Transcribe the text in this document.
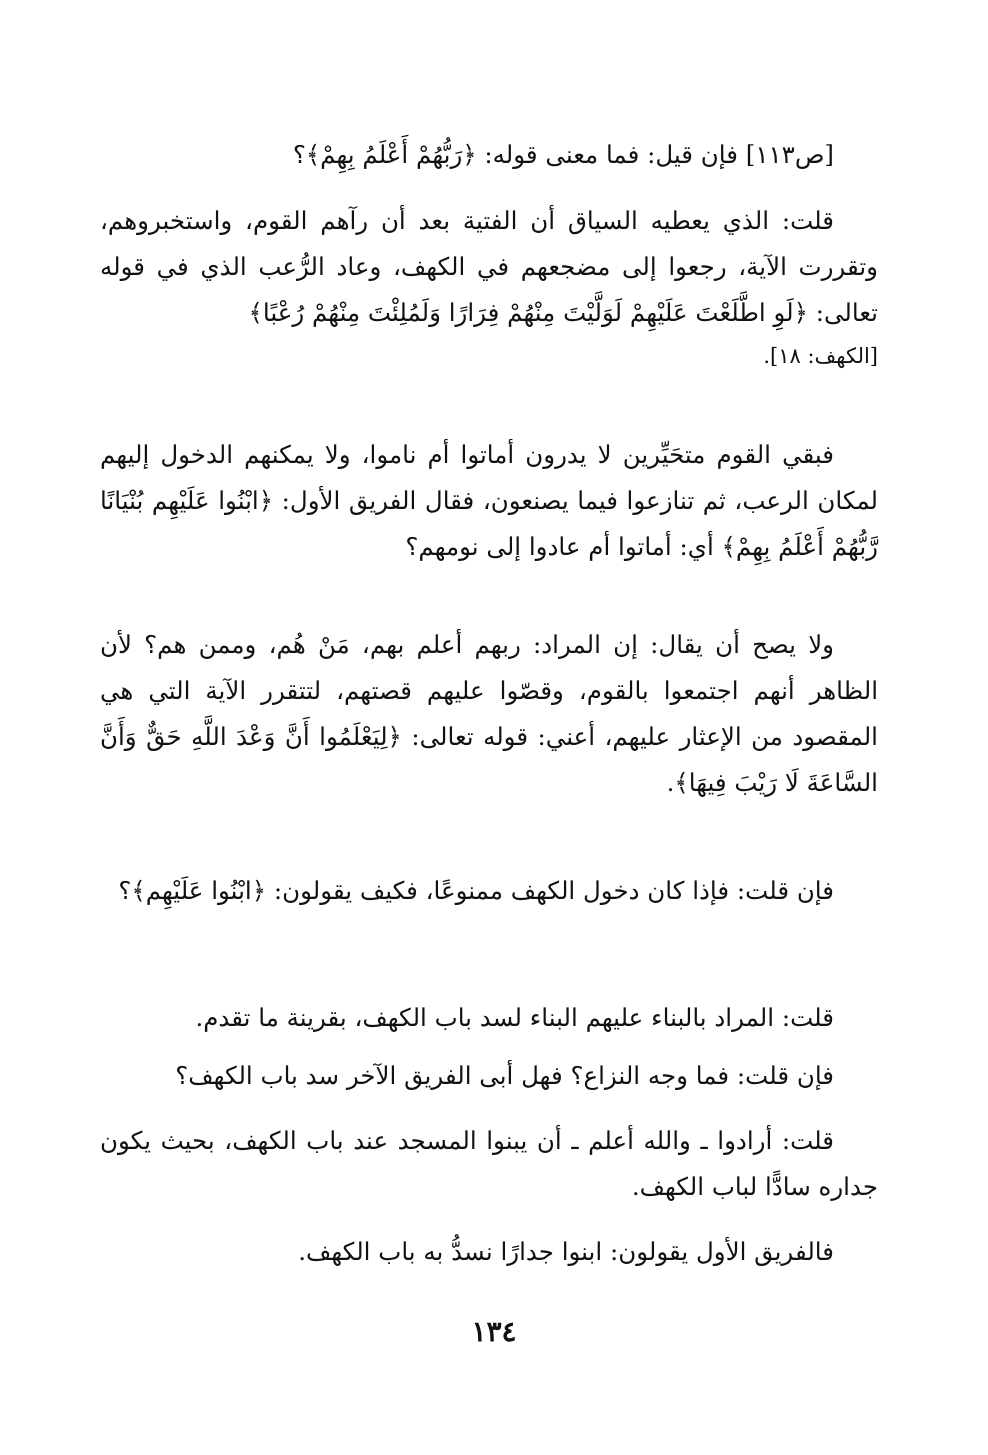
[ص١١٣] فإن قيل: فما معنى قوله: ﴿رَبُّهُمْ أَعْلَمُ بِهِمْ﴾؟

قلت: الذي يعطيه السياق أن الفتية بعد أن رآهم القوم، واستخبروهم، وتقررت الآية، رجعوا إلى مضجعهم في الكهف، وعاد الرُّعب الذي في قوله تعالى: ﴿لَوِ اطَّلَعْتَ عَلَيْهِمْ لَوَلَّيْتَ مِنْهُمْ فِرَارًا وَلَمُلِئْتَ مِنْهُمْ رُعْبًا﴾

[الكهف: ١٨].

فبقي القوم متحَيِّرين لا يدرون أماتوا أم ناموا، ولا يمكنهم الدخول إليهم لمكان الرعب، ثم تنازعوا فيما يصنعون، فقال الفريق الأول: ﴿ابْنُوا عَلَيْهِم بُنْيَانًا رَّبُّهُمْ أَعْلَمُ بِهِمْ﴾ أي: أماتوا أم عادوا إلى نومهم؟

ولا يصح أن يقال: إن المراد: ربهم أعلم بهم، مَنْ هُم، وممن هم؟ لأن الظاهر أنهم اجتمعوا بالقوم، وقصّوا عليهم قصتهم، لتتقرر الآية التي هي المقصود من الإعثار عليهم، أعني: قوله تعالى: ﴿لِيَعْلَمُوا أَنَّ وَعْدَ اللَّهِ حَقٌّ وَأَنَّ السَّاعَةَ لَا رَيْبَ فِيهَا﴾.

فإن قلت: فإذا كان دخول الكهف ممنوعًا، فكيف يقولون: ﴿ابْنُوا عَلَيْهِم﴾؟

قلت: المراد بالبناء عليهم البناء لسد باب الكهف، بقرينة ما تقدم.

فإن قلت: فما وجه النزاع؟ فهل أبى الفريق الآخر سد باب الكهف؟

قلت: أرادوا ـ والله أعلم ـ أن يبنوا المسجد عند باب الكهف، بحيث يكون جداره سادًّا لباب الكهف.

فالفريق الأول يقولون: ابنوا جدارًا نسدُّ به باب الكهف.

١٣٤
